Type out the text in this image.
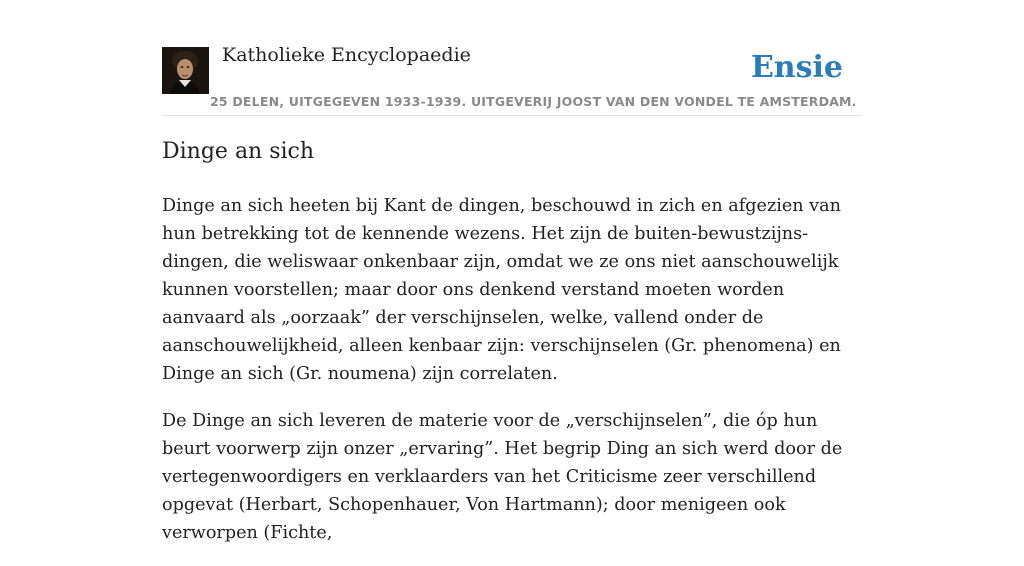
Katholieke Encyclopaedie	Ensie
25 DELEN, UITGEGEVEN 1933-1939. UITGEVERIJ JOOST VAN DEN VONDEL TE AMSTERDAM.
Dinge an sich

Dinge an sich heeten bij Kant de dingen, beschouwd in zich en afgezien van hun betrekking tot de kennende wezens. Het zijn de buiten-bewustzijns-dingen, die weliswaar onkenbaar zijn, omdat we ze ons niet aanschouwelijk kunnen voorstellen; maar door ons denkend verstand moeten worden aanvaard als „oorzaak” der verschijnselen, welke, vallend onder de aanschouwelijkheid, alleen kenbaar zijn: verschijnselen (Gr. phenomena) en Dinge an sich (Gr. noumena) zijn correlaten.

De Dinge an sich leveren de materie voor de „verschijnselen”, die óp hun beurt voorwerp zijn onzer „ervaring”. Het begrip Ding an sich werd door de vertegenwoordigers en verklaarders van het Criticisme zeer verschillend opgevat (Herbart, Schopenhauer, Von Hartmann); door menigeen ook verworpen (Fichte,
